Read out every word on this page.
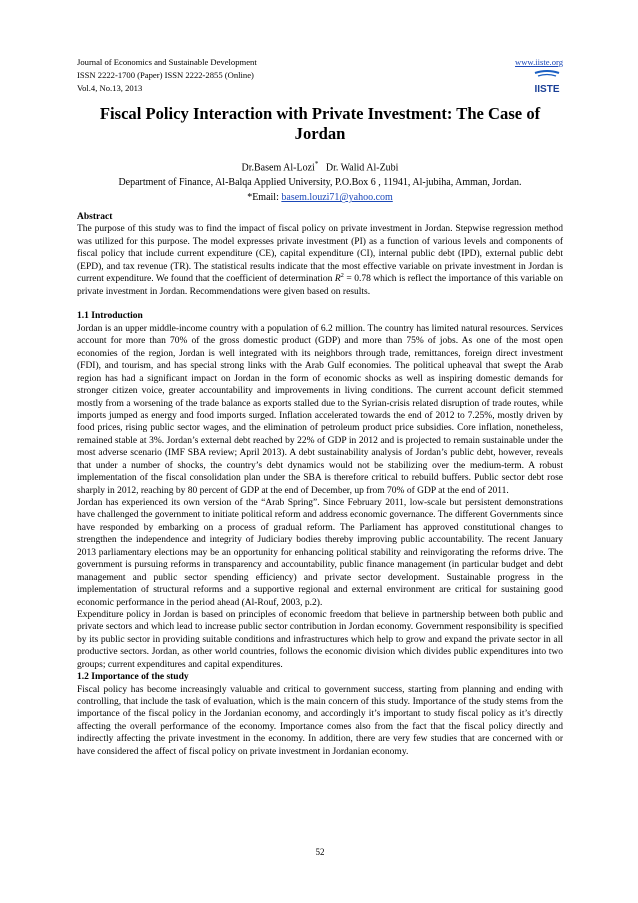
Journal of Economics and Sustainable Development
ISSN 2222-1700 (Paper) ISSN 2222-2855 (Online)
Vol.4, No.13, 2013
www.iiste.org
IISTE
Fiscal Policy Interaction with Private Investment: The Case of Jordan
Dr.Basem Al-Lozi* Dr. Walid Al-Zubi
Department of Finance, Al-Balqa Applied University, P.O.Box 6 , 11941, Al-jubiha, Amman, Jordan.
*Email: basem.louzi71@yahoo.com
Abstract

The purpose of this study was to find the impact of fiscal policy on private investment in Jordan. Stepwise regression method was utilized for this purpose. The model expresses private investment (PI) as a function of various levels and components of fiscal policy that include current expenditure (CE), capital expenditure (CI), internal public debt (IPD), external public debt (EPD), and tax revenue (TR). The statistical results indicate that the most effective variable on private investment in Jordan is current expenditure. We found that the coefficient of determination $R^2 = 0.78$ which is reflect the importance of this variable on private investment in Jordan. Recommendations were given based on results.

1.1 Introduction

Jordan is an upper middle-income country with a population of 6.2 million. The country has limited natural resources. Services account for more than 70% of the gross domestic product (GDP) and more than 75% of jobs. As one of the most open economies of the region, Jordan is well integrated with its neighbors through trade, remittances, foreign direct investment (FDI), and tourism, and has special strong links with the Arab Gulf economies. The political upheaval that swept the Arab region has had a significant impact on Jordan in the form of economic shocks as well as inspiring domestic demands for stronger citizen voice, greater accountability and improvements in living conditions. The current account deficit stemmed mostly from a worsening of the trade balance as exports stalled due to the Syrian-crisis related disruption of trade routes, while imports jumped as energy and food imports surged. Inflation accelerated towards the end of 2012 to 7.25%, mostly driven by food prices, rising public sector wages, and the elimination of petroleum product price subsidies. Core inflation, nonetheless, remained stable at 3%. Jordan’s external debt reached by 22% of GDP in 2012 and is projected to remain sustainable under the most adverse scenario (IMF SBA review; April 2013). A debt sustainability analysis of Jordan’s public debt, however, reveals that under a number of shocks, the country’s debt dynamics would not be stabilizing over the medium-term. A robust implementation of the fiscal consolidation plan under the SBA is therefore critical to rebuild buffers. Public sector debt rose sharply in 2012, reaching by 80 percent of GDP at the end of December, up from 70% of GDP at the end of 2011.

Jordan has experienced its own version of the “Arab Spring”. Since February 2011, low-scale but persistent demonstrations have challenged the government to initiate political reform and address economic governance. The different Governments since have responded by embarking on a process of gradual reform. The Parliament has approved constitutional changes to strengthen the independence and integrity of Judiciary bodies thereby improving public accountability. The recent January 2013 parliamentary elections may be an opportunity for enhancing political stability and reinvigorating the reforms drive. The government is pursuing reforms in transparency and accountability, public finance management (in particular budget and debt management and public sector spending efficiency) and private sector development. Sustainable progress in the implementation of structural reforms and a supportive regional and external environment are critical for sustaining good economic performance in the period ahead (Al-Rouf, 2003, p.2).

Expenditure policy in Jordan is based on principles of economic freedom that believe in partnership between both public and private sectors and which lead to increase public sector contribution in Jordan economy. Government responsibility is specified by its public sector in providing suitable conditions and infrastructures which help to grow and expand the private sector in all productive sectors. Jordan, as other world countries, follows the economic division which divides public expenditures into two groups; current expenditures and capital expenditures.

1.2 Importance of the study

Fiscal policy has become increasingly valuable and critical to government success, starting from planning and ending with controlling, that include the task of evaluation, which is the main concern of this study. Importance of the study stems from the importance of the fiscal policy in the Jordanian economy, and accordingly it’s important to study fiscal policy as it’s directly affecting the overall performance of the economy. Importance comes also from the fact that the fiscal policy directly and indirectly affecting the private investment in the economy. In addition, there are very few studies that are concerned with or have considered the affect of fiscal policy on private investment in Jordanian economy.

52
